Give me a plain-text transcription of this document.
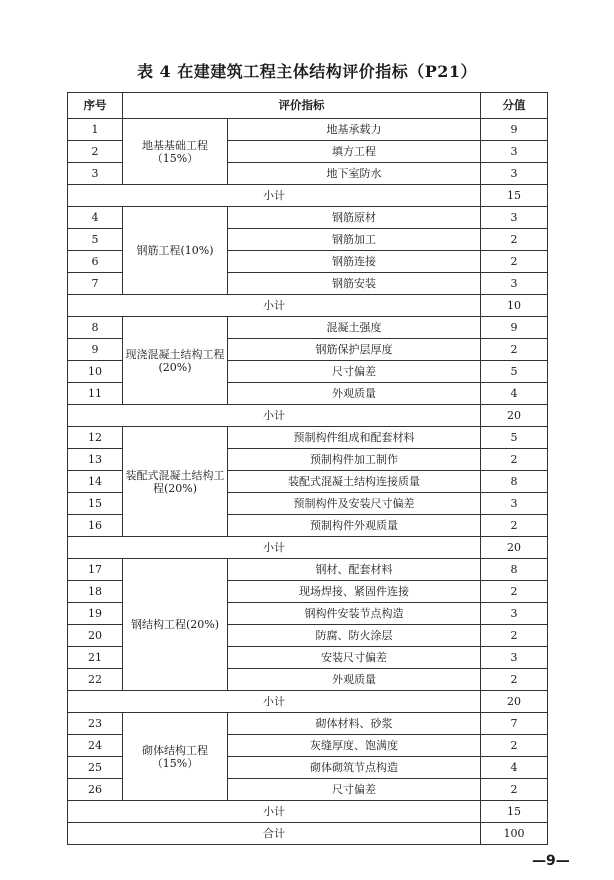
表 4 在建建筑工程主体结构评价指标（P21）
序号	评价指标		分值
1	地基基础工程（15%）	地基承载力	9
2		填方工程	3
3		地下室防水	3
小计			15
4	钢筋工程(10%)	钢筋原材	3
5		钢筋加工	2
6		钢筋连接	2
7		钢筋安装	3
小计			10
8	现浇混凝土结构工程(20%)	混凝土强度	9
9		钢筋保护层厚度	2
10		尺寸偏差	5
11		外观质量	4
小计			20
12	装配式混凝土结构工程(20%)	预制构件组成和配套材料	5
13		预制构件加工制作	2
14		装配式混凝土结构连接质量	8
15		预制构件及安装尺寸偏差	3
16		预制构件外观质量	2
小计			20
17	钢结构工程(20%)	钢材、配套材料	8
18		现场焊接、紧固件连接	2
19		钢构件安装节点构造	3
20		防腐、防火涂层	2
21		安装尺寸偏差	3
22		外观质量	2
小计			20
23	砌体结构工程（15%）	砌体材料、砂浆	7
24		灰缝厚度、饱满度	2
25		砌体砌筑节点构造	4
26		尺寸偏差	2
小计			15
合计			100
—9—
